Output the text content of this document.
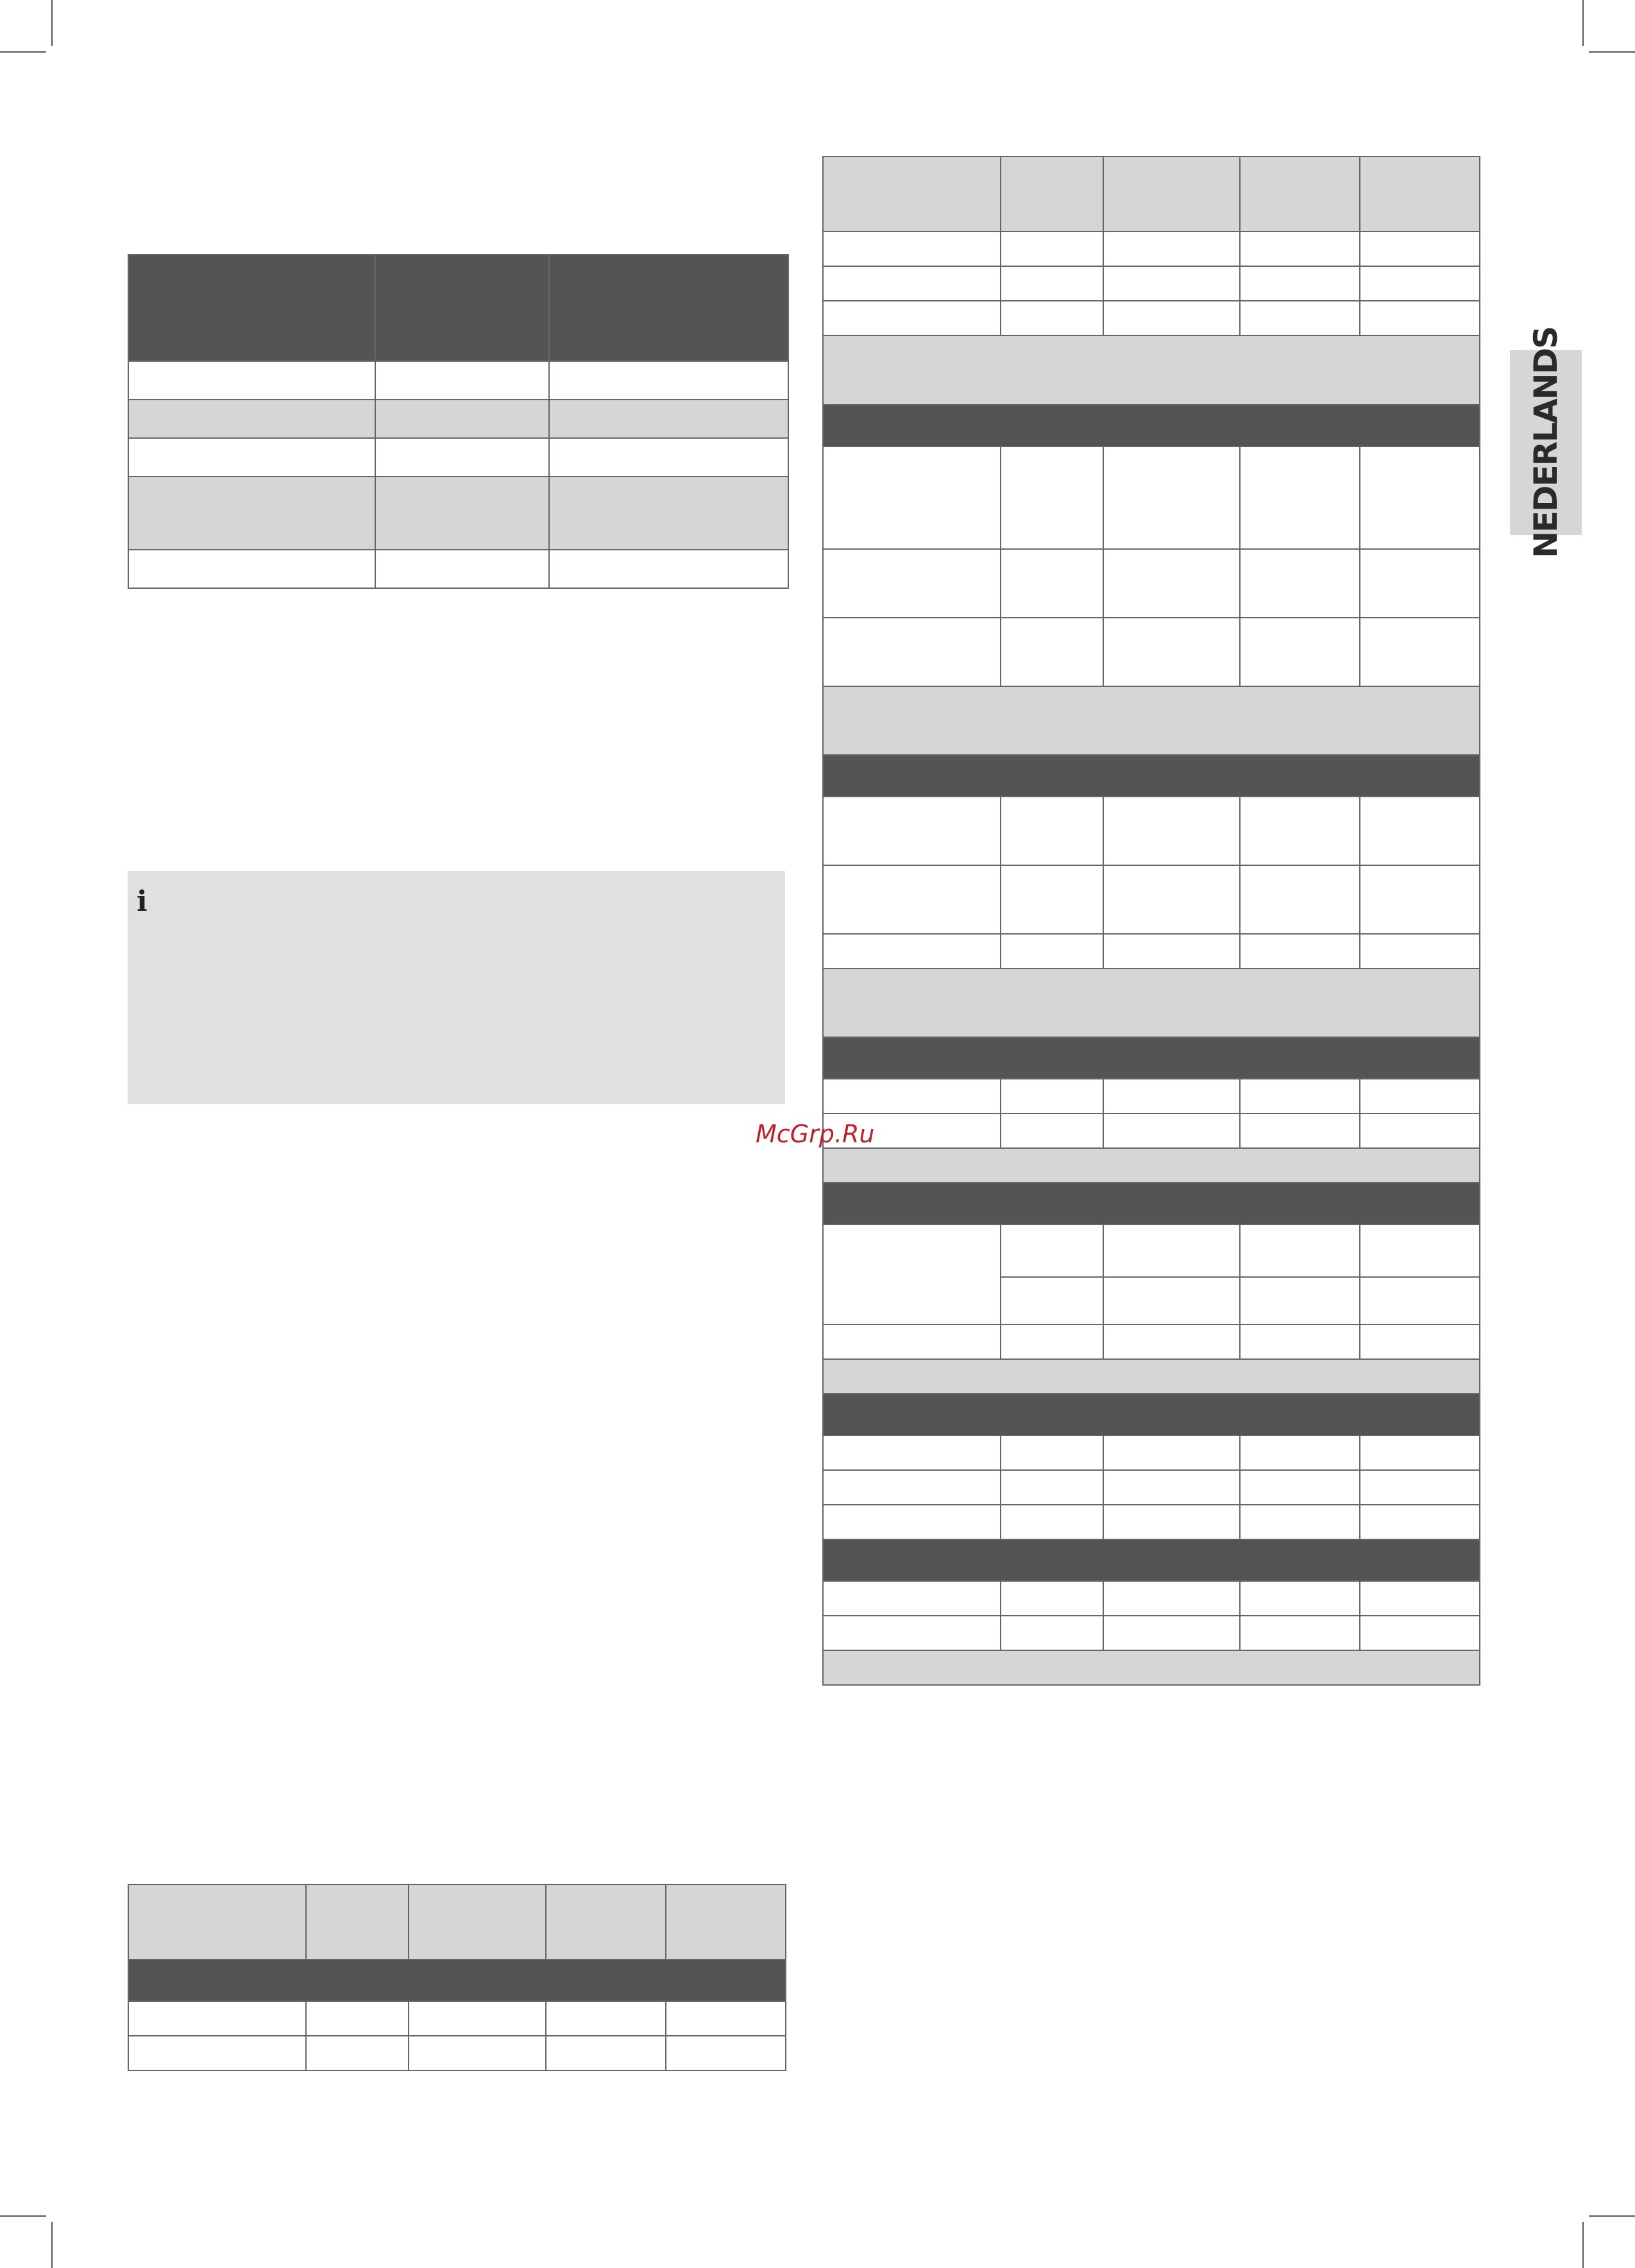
i

NEDERLANDS
McGrp.Ru
